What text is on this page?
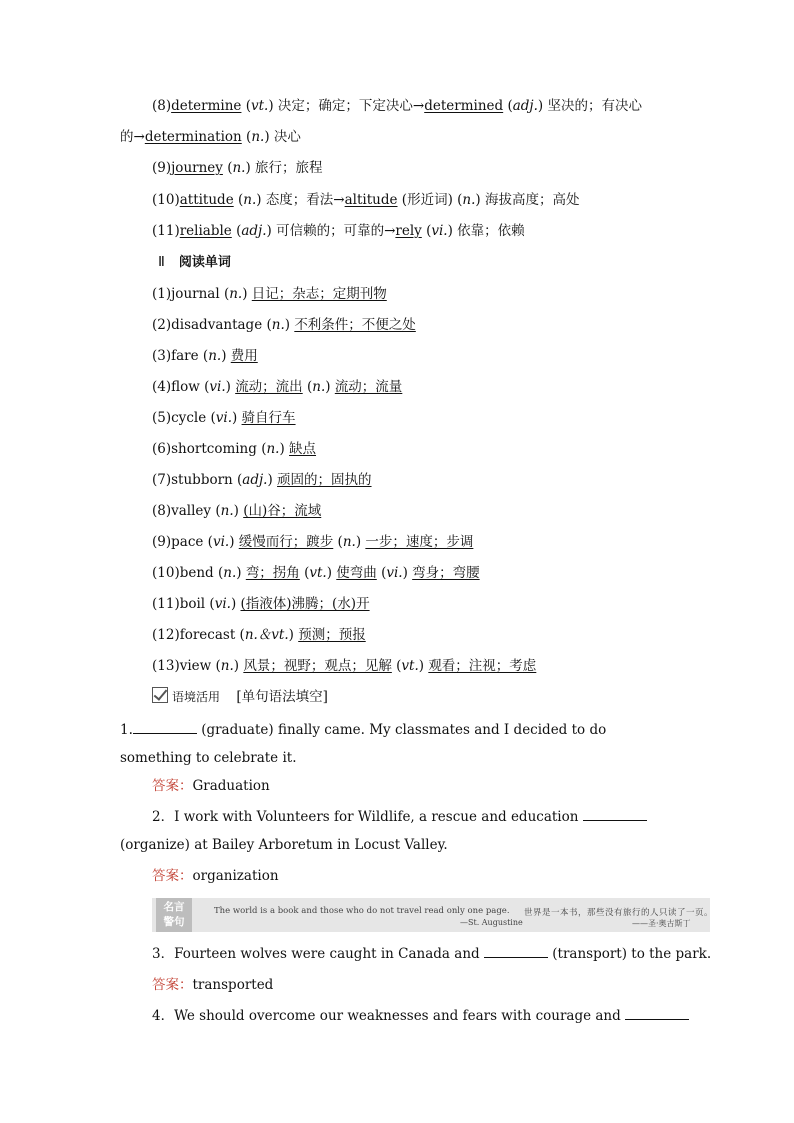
(8)determine (vt.) 决定；确定；下定决心→determined (adj.) 坚决的；有决心
的→determination (n.) 决心
(9)journey (n.) 旅行；旅程
(10)attitude (n.) 态度；看法→altitude (形近词) (n.) 海拔高度；高处
(11)reliable (adj.) 可信赖的；可靠的→rely (vi.) 依靠；依赖
Ⅱ 阅读单词
(1)journal (n.) 日记；杂志；定期刊物
(2)disadvantage (n.) 不利条件；不便之处
(3)fare (n.) 费用
(4)flow (vi.) 流动；流出 (n.) 流动；流量
(5)cycle (vi.) 骑自行车
(6)shortcoming (n.) 缺点
(7)stubborn (adj.) 顽固的；固执的
(8)valley (n.) (山)谷；流域
(9)pace (vi.) 缓慢而行；踱步 (n.) 一步；速度；步调
(10)bend (n.) 弯；拐角 (vt.) 使弯曲 (vi.) 弯身；弯腰
(11)boil (vi.) (指液体)沸腾；(水)开
(12)forecast (n.＆vt.) 预测；预报
(13)view (n.) 风景；视野；观点；见解 (vt.) 观看；注视；考虑
语境活用 [单句语法填空]
1.	(graduate) finally came. My classmates and I decided to do
something to celebrate it.
答案：Graduation
2．I work with Volunteers for Wildlife, a rescue and education
(organize) at Bailey Arboretum in Locust Valley.
答案：organization
名言
警句
The world is a book and those who do not travel read only one page.
—St. Augustine
世界是一本书，那些没有旅行的人只读了一页。
——圣·奥古斯丁
3．Fourteen wolves were caught in Canada and	(transport) to the park.
答案：transported
4．We should overcome our weaknesses and fears with courage and
